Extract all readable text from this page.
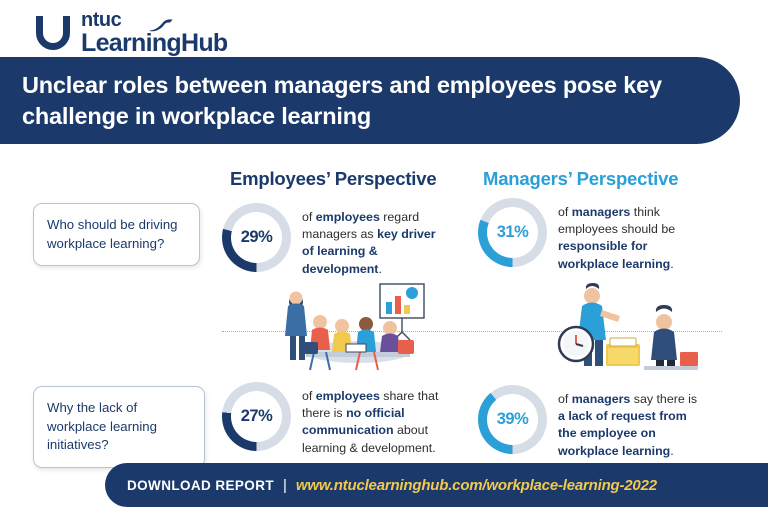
ntuc
LearningHub
Unclear roles between managers and employees pose key challenge in workplace learning
Employees’ Perspective	Managers’ Perspective
Who should be driving workplace learning?
Why the lack of workplace learning initiatives?
29%
of employees regard managers as key driver of learning & development.
31%
of managers think employees should be responsible for workplace learning.
27%
of employees share that there is no official communication about learning & development.
39%
of managers say there is a lack of request from the employee on workplace learning.
DOWNLOAD REPORT | www.ntuclearninghub.com/workplace-learning-2022
